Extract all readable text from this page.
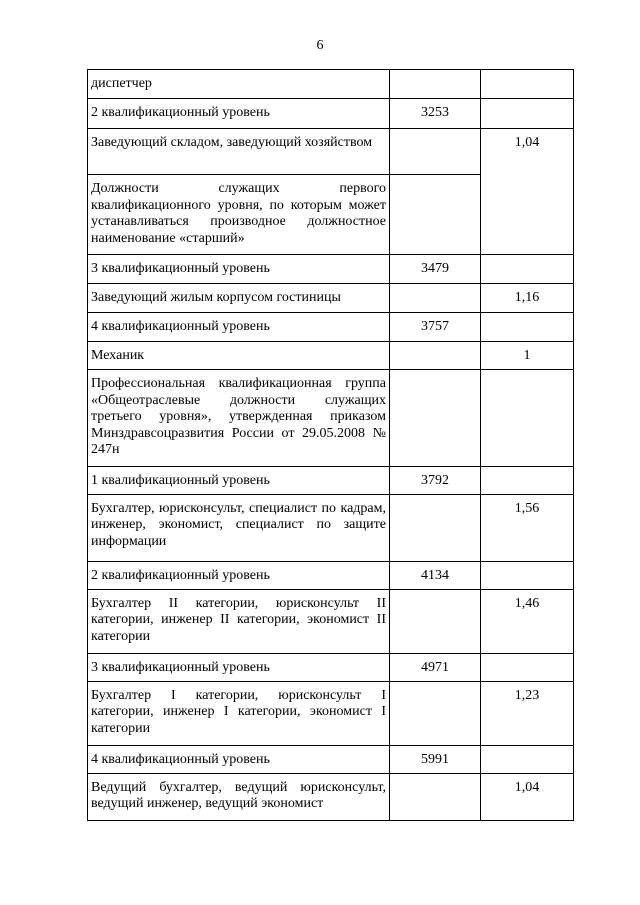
6
диспетчер		
2 квалификационный уровень	3253	
Заведующий складом, заведующий хозяйством		1,04
Должности служащих первого квалификационного уровня, по которым может устанавливаться производное должностное наименование «старший»		
3 квалификационный уровень	3479	
Заведующий жилым корпусом гостиницы		1,16
4 квалификационный уровень	3757	
Механик		1
Профессиональная квалификационная группа «Общеотраслевые должности служащих третьего уровня», утвержденная приказом Минздравсоцразвития России от 29.05.2008 № 247н		
1 квалификационный уровень	3792	
Бухгалтер, юрисконсульт, специалист по кадрам, инженер, экономист, специалист по защите информации		1,56
2 квалификационный уровень	4134	
Бухгалтер II категории, юрисконсульт II категории, инженер II категории, экономист II категории		1,46
3 квалификационный уровень	4971	
Бухгалтер I категории, юрисконсульт I категории, инженер I категории, экономист I категории		1,23
4 квалификационный уровень	5991	
Ведущий бухгалтер, ведущий юрисконсульт, ведущий инженер, ведущий экономист		1,04
